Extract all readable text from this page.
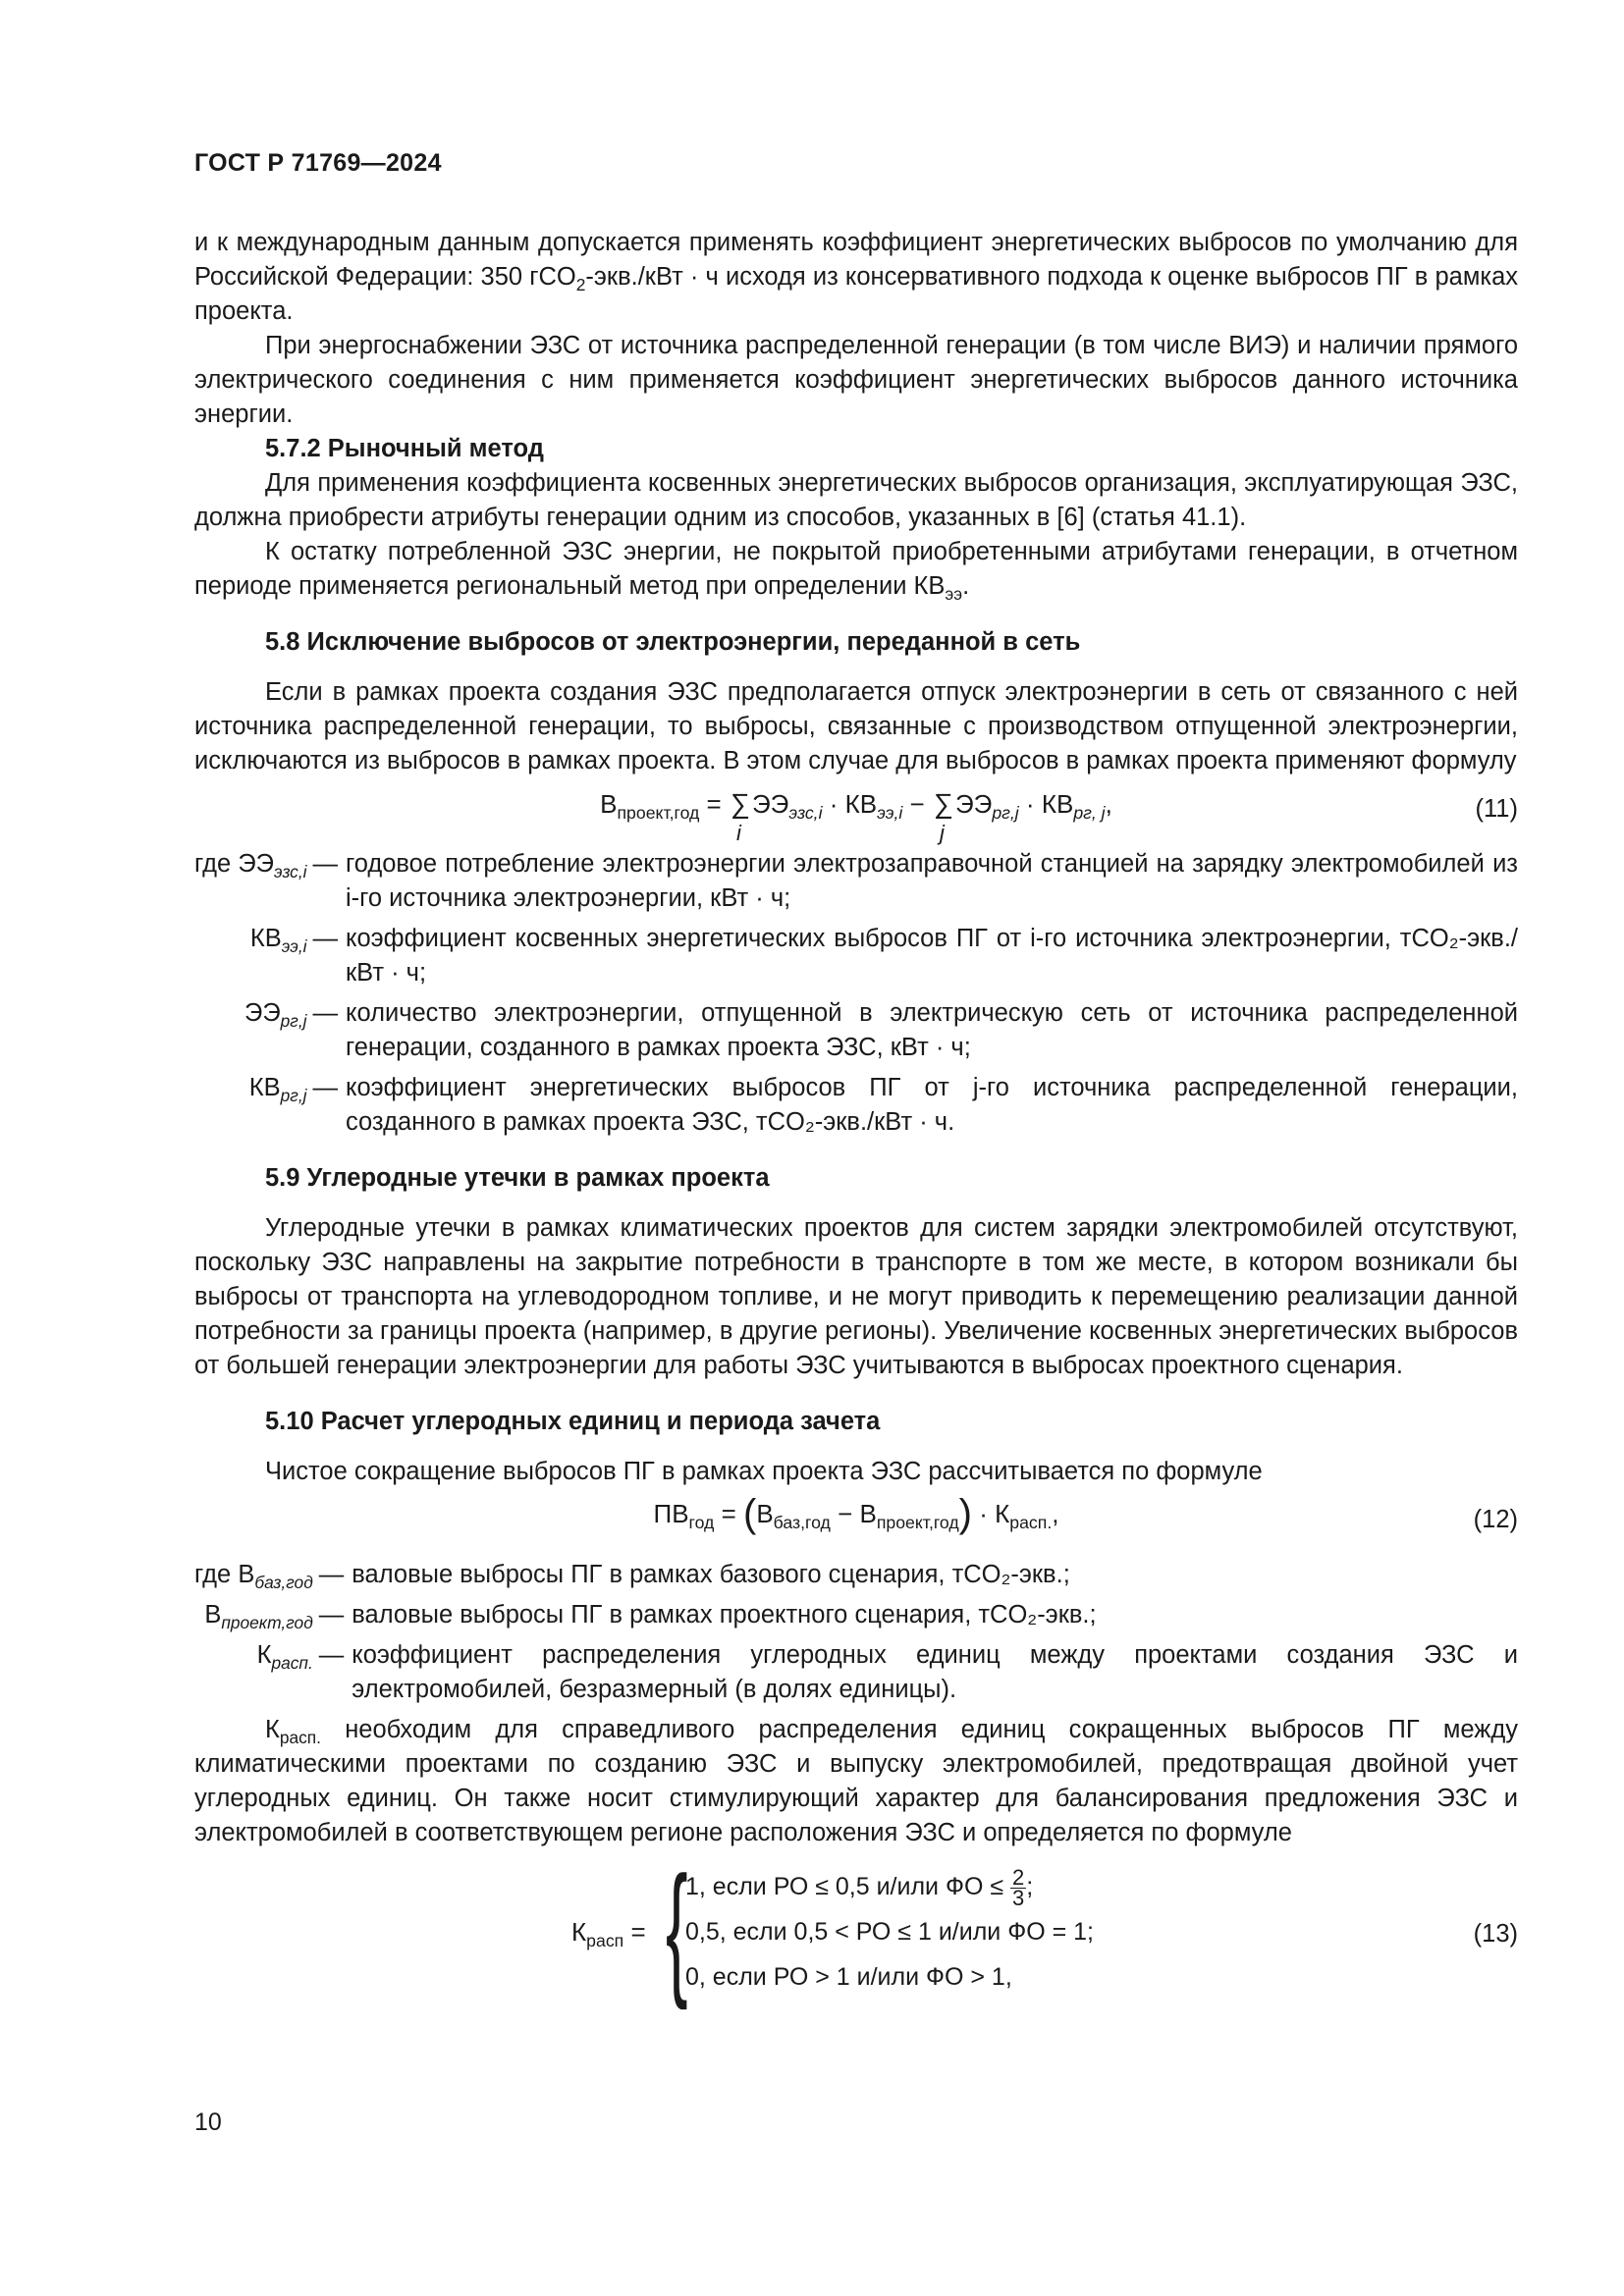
ГОСТ Р 71769—2024

и к международным данным допускается применять коэффициент энергетических выбросов по умолчанию для Российской Федерации: 350 гCO$_2$-экв./кВт · ч исходя из консервативного подхода к оценке выбросов ПГ в рамках проекта.

При энергоснабжении ЭЗС от источника распределенной генерации (в том числе ВИЭ) и наличии прямого электрического соединения с ним применяется коэффициент энергетических выбросов данного источника энергии.

5.7.2 Рыночный метод

Для применения коэффициента косвенных энергетических выбросов организация, эксплуатирующая ЭЗС, должна приобрести атрибуты генерации одним из способов, указанных в [6] (статья 41.1).

К остатку потребленной ЭЗС энергии, не покрытой приобретенными атрибутами генерации, в отчетном периоде применяется региональный метод при определении $КВ_{ээ}$.

5.8 Исключение выбросов от электроэнергии, переданной в сеть

Если в рамках проекта создания ЭЗС предполагается отпуск электроэнергии в сеть от связанного с ней источника распределенной генерации, то выбросы, связанные с производством отпущенной электроэнергии, исключаются из выбросов в рамках проекта. В этом случае для выбросов в рамках проекта применяют формулу

$В_{проект,год}$ = ∑
i
$ЭЭ_{эзс,i} \cdot КВ_{ээ,i}$ − ∑
j
$ЭЭ_{рг,j} \cdot КВ_{рг, j}$,	(11)
где $ЭЭ_{эзс,i}$	—	годовое потребление электроэнергии электрозаправочной станцией на зарядку электромобилей из i-го источника электроэнергии, кВт · ч;
$КВ_{ээ,i}$	—	коэффициент косвенных энергетических выбросов ПГ от i-го источника электроэнергии, тCO₂-экв./кВт · ч;
$ЭЭ_{рг,j}$	—	количество электроэнергии, отпущенной в электрическую сеть от источника распределенной генерации, созданного в рамках проекта ЭЗС, кВт · ч;
$КВ_{рг,j}$	—	коэффициент энергетических выбросов ПГ от j-го источника распределенной генерации, созданного в рамках проекта ЭЗС, тCO₂-экв./кВт · ч.
5.9 Углеродные утечки в рамках проекта

Углеродные утечки в рамках климатических проектов для систем зарядки электромобилей отсутствуют, поскольку ЭЗС направлены на закрытие потребности в транспорте в том же месте, в котором возникали бы выбросы от транспорта на углеводородном топливе, и не могут приводить к перемещению реализации данной потребности за границы проекта (например, в другие регионы). Увеличение косвенных энергетических выбросов от большей генерации электроэнергии для работы ЭЗС учитываются в выбросах проектного сценария.

5.10 Расчет углеродных единиц и периода зачета

Чистое сокращение выбросов ПГ в рамках проекта ЭЗС рассчитывается по формуле

$ПВ_{год} = (В_{баз,год} - В_{проект,год}) \cdot К_{расп.}$,	(12)
где $В_{баз,год}$	—	валовые выбросы ПГ в рамках базового сценария, тCO₂-экв.;
$В_{проект,год}$	—	валовые выбросы ПГ в рамках проектного сценария, тCO₂-экв.;
$К_{расп.}$	—	коэффициент распределения углеродных единиц между проектами создания ЭЗС и электромобилей, безразмерный (в долях единицы).

$К_{расп.}$ необходим для справедливого распределения единиц сокращенных выбросов ПГ между климатическими проектами по созданию ЭЗС и выпуску электромобилей, предотвращая двойной учет углеродных единиц. Он также носит стимулирующий характер для балансирования предложения ЭЗС и электромобилей в соответствующем регионе расположения ЭЗС и определяется по формуле

$К_{расп}$ = {
1, если РО ≤ 0,5 и/или ФО ≤ $\frac{2}{3}$ ;
0,5, если 0,5 < РО ≤ 1 и/или ФО = 1;
0, если РО > 1 и/или ФО > 1,
(13)
10
